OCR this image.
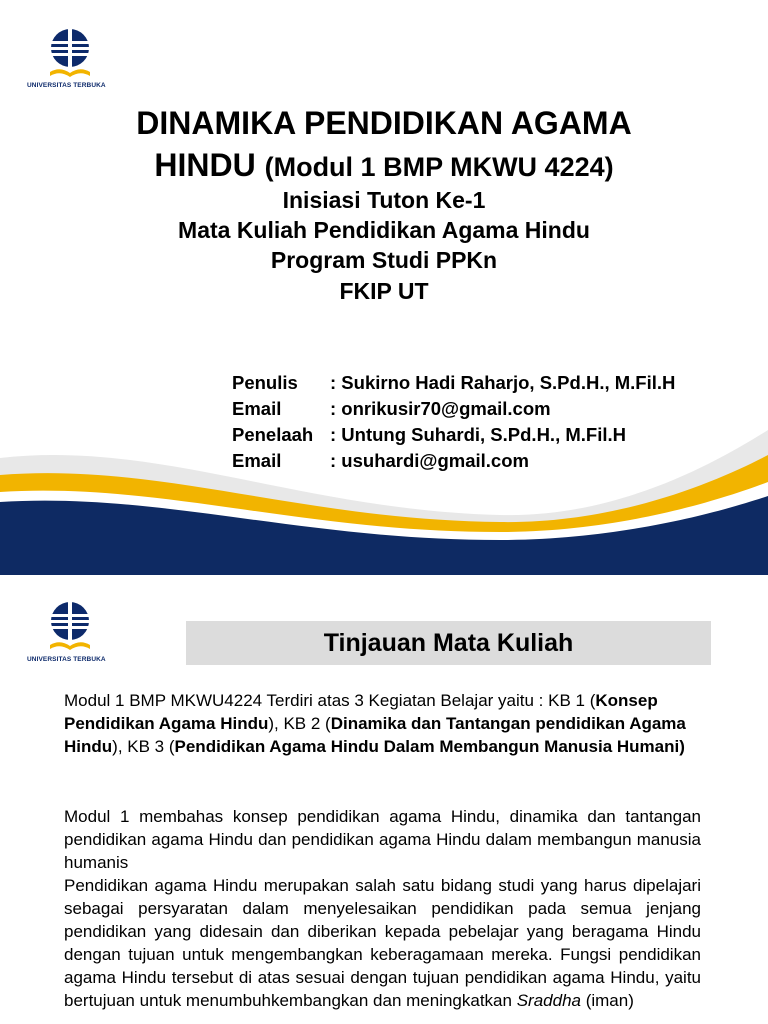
UNIVERSITAS TERBUKA
DINAMIKA PENDIDIKAN AGAMA
HINDU (Modul 1 BMP MKWU 4224)
Inisiasi Tuton Ke-1
Mata Kuliah Pendidikan Agama Hindu
Program Studi PPKn
FKIP UT
Penulis	: Sukirno Hadi Raharjo, S.Pd.H., M.Fil.H
Email	: onrikusir70@gmail.com
Penelaah : Untung Suhardi, S.Pd.H., M.Fil.H
Email	: usuhardi@gmail.com
UNIVERSITAS TERBUKA
Tinjauan Mata Kuliah
Modul 1 BMP MKWU4224 Terdiri atas 3 Kegiatan Belajar yaitu : KB 1 (Konsep Pendidikan Agama Hindu), KB 2 (Dinamika dan Tantangan pendidikan Agama Hindu), KB 3 (Pendidikan Agama Hindu Dalam Membangun Manusia Humani)
Modul 1 membahas konsep pendidikan agama Hindu, dinamika dan tantangan pendidikan agama Hindu dan pendidikan agama Hindu dalam membangun manusia humanis
Pendidikan agama Hindu merupakan salah satu bidang studi yang harus dipelajari sebagai persyaratan dalam menyelesaikan pendidikan pada semua jenjang pendidikan yang didesain dan diberikan kepada pebelajar yang beragama Hindu dengan tujuan untuk mengembangkan keberagamaan mereka. Fungsi pendidikan agama Hindu tersebut di atas sesuai dengan tujuan pendidikan agama Hindu, yaitu bertujuan untuk menumbuhkembangkan dan meningkatkan Sraddha (iman)
